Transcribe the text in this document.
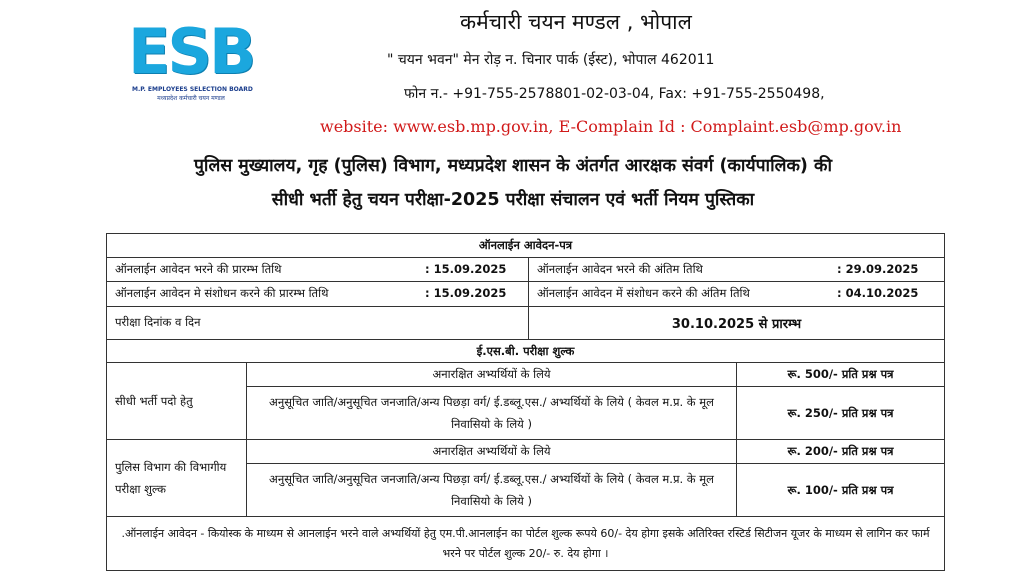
ESB
M.P. EMPLOYEES SELECTION BOARD
मध्यप्रदेश कर्मचारी चयन मण्डल
कर्मचारी चयन मण्डल , भोपाल
" चयन भवन" मेन रोड़ न. चिनार पार्क (ईस्ट), भोपाल 462011
फोन न.- +91-755-2578801-02-03-04, Fax: +91-755-2550498,
website: www.esb.mp.gov.in, E-Complain Id : Complaint.esb@mp.gov.in
पुलिस मुख्यालय, गृह (पुलिस) विभाग, मध्यप्रदेश शासन के अंतर्गत आरक्षक संवर्ग (कार्यपालिक) की
सीधी भर्ती हेतु चयन परीक्षा-2025 परीक्षा संचालन एवं भर्ती नियम पुस्तिका
ऑनलाईन आवेदन-पत्र			
ऑनलाईन आवेदन भरने की प्रारम्भ तिथि : 15.09.2025		ऑनलाईन आवेदन भरने की अंतिम तिथि : 29.09.2025	
ऑनलाईन आवेदन मे संशोधन करने की प्रारम्भ तिथि : 15.09.2025		ऑनलाईन आवेदन में संशोधन करने की अंतिम तिथि : 04.10.2025	
परीक्षा दिनांक व दिन		30.10.2025 से प्रारम्भ	
ई.एस.बी. परीक्षा शुल्क			
सीधी भर्ती पदो हेतु	अनारक्षित अभ्यर्थियों के लिये		रू. 500/- प्रति प्रश्न पत्र
	अनुसूचित जाति/अनुसूचित जनजाति/अन्य पिछड़ा वर्ग/ ई.डब्लू.एस./ अभ्यर्थियों के लिये ( केवल म.प्र. के मूल निवासियो के लिये )		रू. 250/- प्रति प्रश्न पत्र
पुलिस विभाग की विभागीय परीक्षा शुल्क	अनारक्षित अभ्यर्थियों के लिये		रू. 200/- प्रति प्रश्न पत्र
	अनुसूचित जाति/अनुसूचित जनजाति/अन्य पिछड़ा वर्ग/ ई.डब्लू.एस./ अभ्यर्थियों के लिये ( केवल म.प्र. के मूल निवासियो के लिये )		रू. 100/- प्रति प्रश्न पत्र
.ऑनलाईन आवेदन - कियोस्क के माध्यम से आनलाईन भरने वाले अभ्यर्थियों हेतु एम.पी.आनलाईन का पोर्टल शुल्क रूपये 60/- देय होगा इसके अतिरिक्त रस्टिर्ड सिटीजन यूजर के माध्यम से लागिन कर फार्म भरने पर पोर्टल शुल्क 20/- रु. देय होगा ।			
